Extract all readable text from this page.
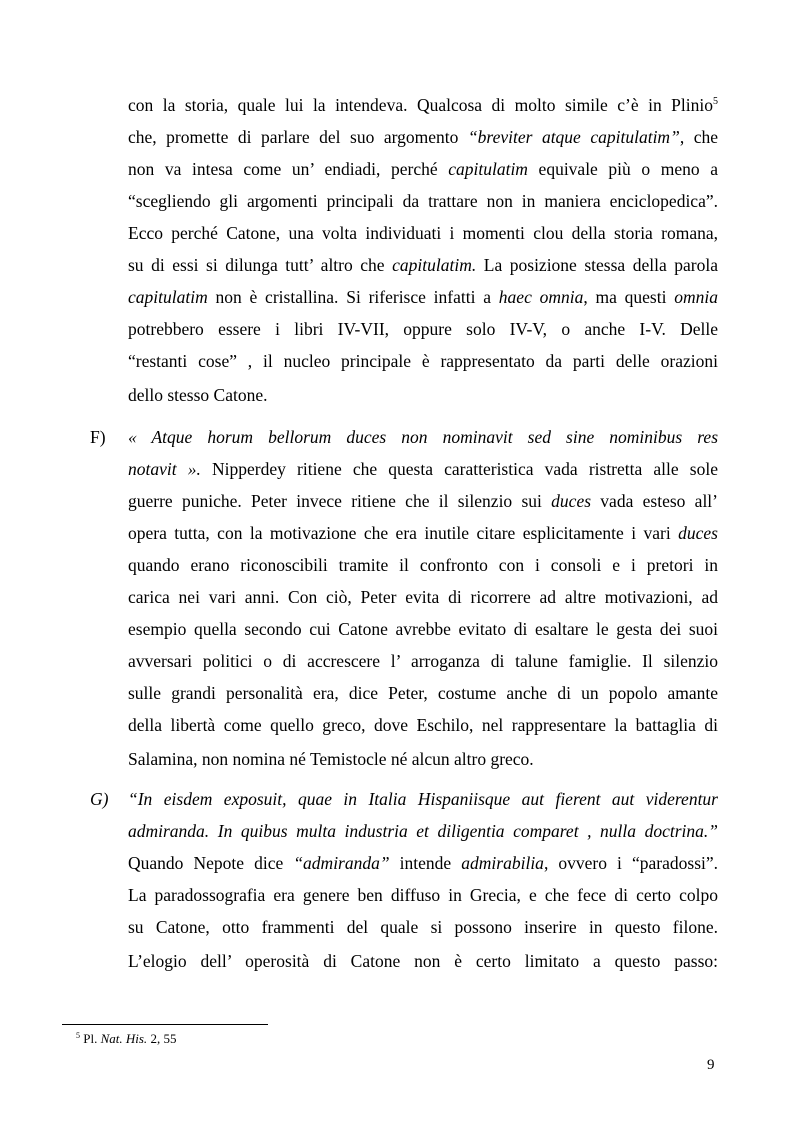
con la storia, quale lui la intendeva. Qualcosa di molto simile c’è in Plinio$^5$
che, promette di parlare del suo argomento “breviter atque capitulatim”, che
non va intesa come un’ endiadi, perché capitulatim equivale più o meno a
“scegliendo gli argomenti principali da trattare non in maniera enciclopedica”.
Ecco perché Catone, una volta individuati i momenti clou della storia romana,
su di essi si dilunga tutt’ altro che capitulatim. La posizione stessa della parola
capitulatim non è cristallina. Si riferisce infatti a haec omnia, ma questi omnia
potrebbero essere i libri IV-VII, oppure solo IV-V, o anche I-V. Delle
“restanti cose” , il nucleo principale è rappresentato da parti delle orazioni
dello stesso Catone.
F) « Atque horum bellorum duces non nominavit sed sine nominibus res
notavit ». Nipperdey ritiene che questa caratteristica vada ristretta alle sole
guerre puniche. Peter invece ritiene che il silenzio sui duces vada esteso all’
opera tutta, con la motivazione che era inutile citare esplicitamente i vari duces
quando erano riconoscibili tramite il confronto con i consoli e i pretori in
carica nei vari anni. Con ciò, Peter evita di ricorrere ad altre motivazioni, ad
esempio quella secondo cui Catone avrebbe evitato di esaltare le gesta dei suoi
avversari politici o di accrescere l’ arroganza di talune famiglie. Il silenzio
sulle grandi personalità era, dice Peter, costume anche di un popolo amante
della libertà come quello greco, dove Eschilo, nel rappresentare la battaglia di
Salamina, non nomina né Temistocle né alcun altro greco.
G) “In eisdem exposuit, quae in Italia Hispaniisque aut fierent aut viderentur
admiranda. In quibus multa industria et diligentia comparet , nulla doctrina.”
Quando Nepote dice “admiranda” intende admirabilia, ovvero i “paradossi”.
La paradossografia era genere ben diffuso in Grecia, e che fece di certo colpo
su Catone, otto frammenti del quale si possono inserire in questo filone.
L’elogio dell’ operosità di Catone non è certo limitato a questo passo:
$^5$ Pl. Nat. His. 2, 55
9
